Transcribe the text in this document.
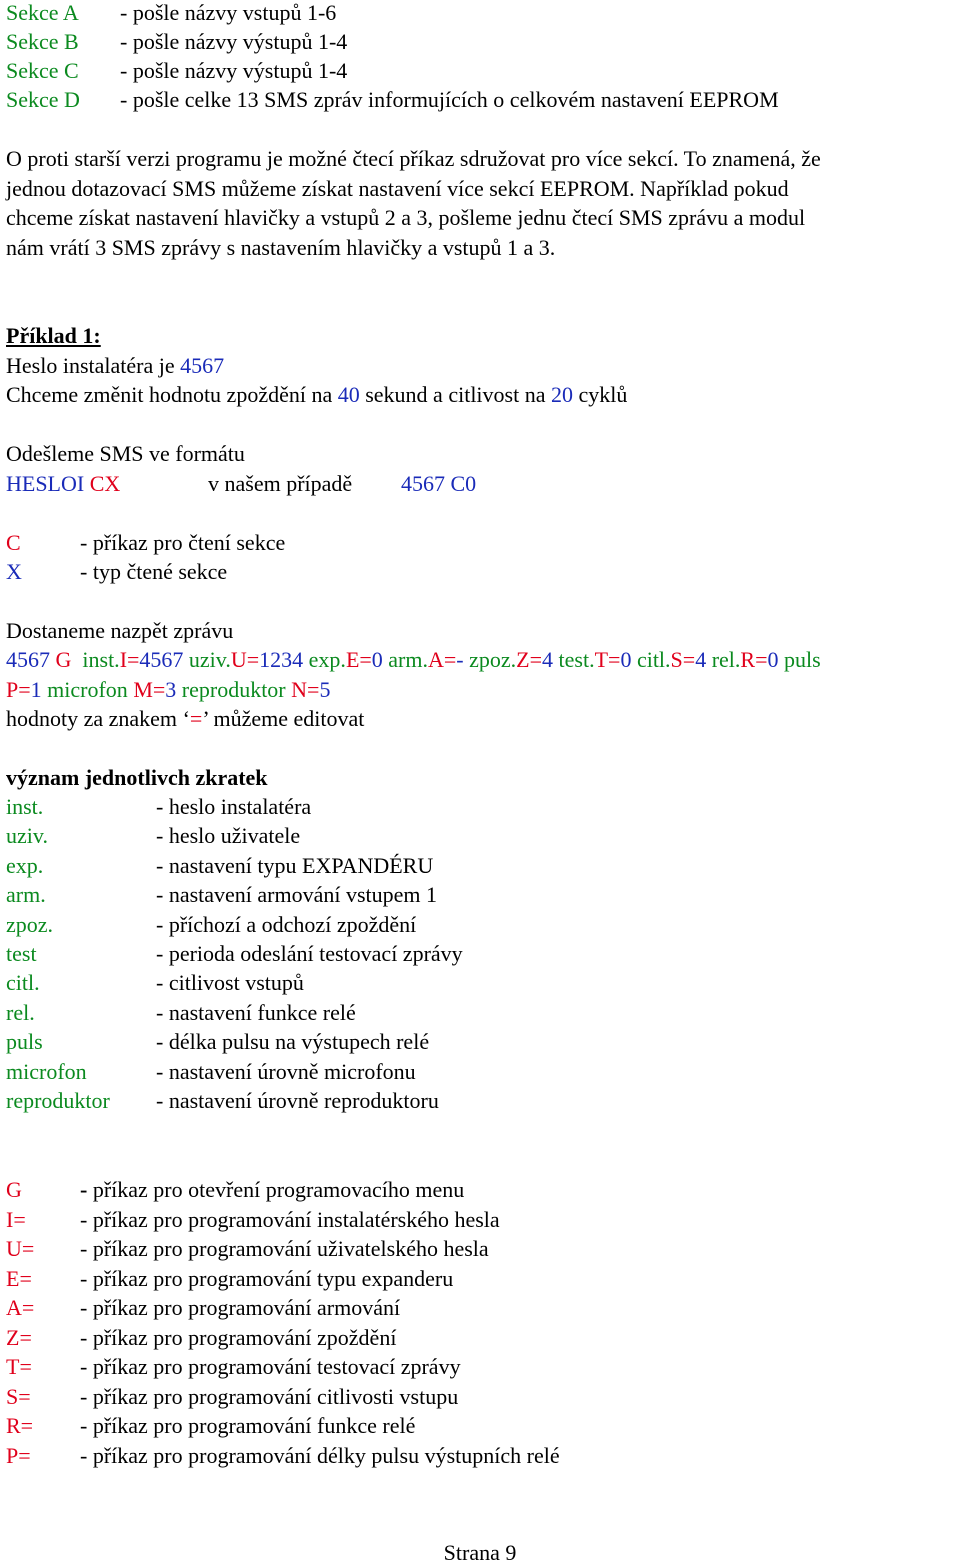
Sekce A - pošle názvy vstupů 1-6
Sekce B - pošle názvy výstupů 1-4
Sekce C - pošle názvy výstupů 1-4
Sekce D - pošle celke 13 SMS zpráv informujících o celkovém nastavení EEPROM
O proti starší verzi programu je možné čtecí příkaz sdružovat pro více sekcí. To znamená, že
jednou dotazovací SMS můžeme získat nastavení více sekcí EEPROM. Například pokud
chceme získat nastavení hlavičky a vstupů 2 a 3, pošleme jednu čtecí SMS zprávu a modul
nám vrátí 3 SMS zprávy s nastavením hlavičky a vstupů 1 a 3.
Příklad 1:
Heslo instalatéra je 4567
Chceme změnit hodnotu zpoždění na 40 sekund a citlivost na 20 cyklů
Odešleme SMS ve formátu
HESLOI CX	v našem případě 4567 C0
C	- příkaz pro čtení sekce
X	- typ čtené sekce
Dostaneme nazpět zprávu
4567 G  inst.I=4567 uziv.U=1234 exp.E=0 arm.A=- zpoz.Z=4 test.T=0 citl.S=4 rel.R=0 puls
P=1 microfon M=3 reproduktor N=5
hodnoty za znakem ‘=’ můžeme editovat
význam jednotlivch zkratek
inst.	- heslo instalatéra
uziv.	- heslo uživatele
exp.	- nastavení typu EXPANDÉRU
arm.	- nastavení armování vstupem 1
zpoz.	- příchozí a odchozí zpoždění
test	- perioda odeslání testovací zprávy
citl.	- citlivost vstupů
rel.	- nastavení funkce relé
puls	- délka pulsu na výstupech relé
microfon	- nastavení úrovně microfonu
reproduktor - nastavení úrovně reproduktoru
G	- příkaz pro otevření programovacího menu
I= - příkaz pro programování instalatérského hesla
U= - příkaz pro programování uživatelského hesla
E= - příkaz pro programování typu expanderu
A= - příkaz pro programování armování
Z= - příkaz pro programování zpoždění
T= - příkaz pro programování testovací zprávy
S= - příkaz pro programování citlivosti vstupu
R= - příkaz pro programování funkce relé
P= - příkaz pro programování délky pulsu výstupních relé
Strana 9
